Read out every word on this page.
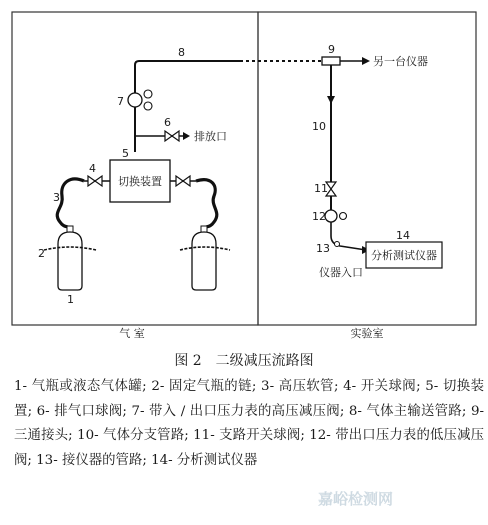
1
2
3
4
5
6
7
8	9
10
11
12
13
14
切换装置
排放口
另一台仪器
分析测试仪器
仪器入口
气 室	实验室
图 2　二级减压流路图
1- 气瓶或液态气体罐; 2- 固定气瓶的链; 3- 高压软管; 4- 开关球阀; 5- 切换装置; 6- 排气口球阀; 7- 带入 / 出口压力表的高压减压阀; 8- 气体主输送管路; 9- 三通接头; 10- 气体分支管路; 11- 支路开关球阀; 12- 带出口压力表的低压减压阀; 13- 接仪器的管路; 14- 分析测试仪器
嘉峪检测网
